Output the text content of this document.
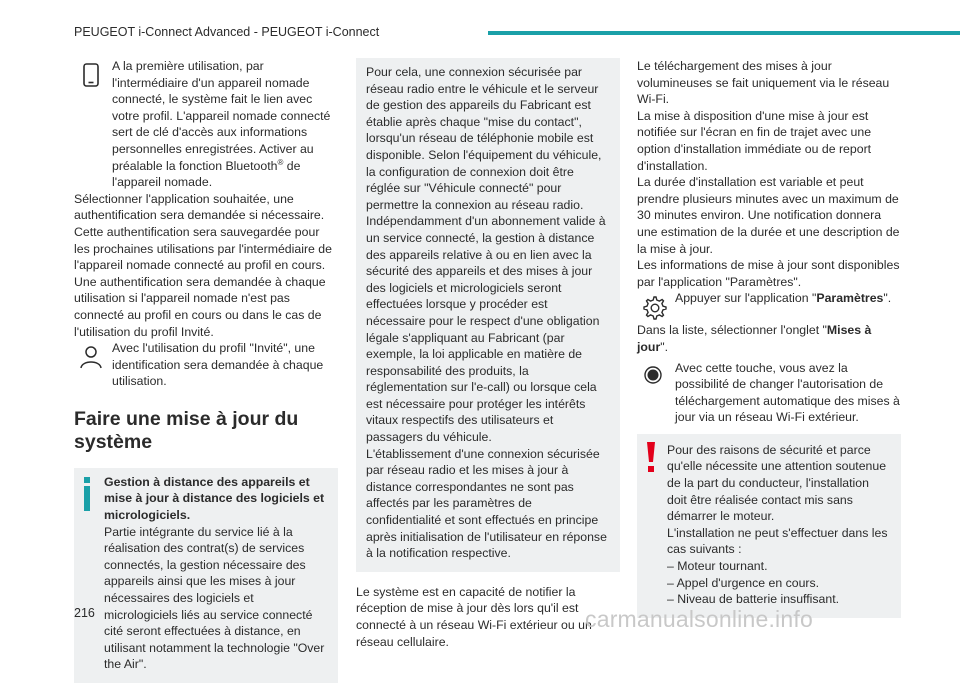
PEUGEOT i-Connect Advanced - PEUGEOT i-Connect

A la première utilisation, par l'intermédiaire d'un appareil nomade connecté, le système fait le lien avec votre profil. L'appareil nomade connecté sert de clé d'accès aux informations personnelles enregistrées. Activer au préalable la fonction Bluetooth® de l'appareil nomade.

Sélectionner l'application souhaitée, une authentification sera demandée si nécessaire. Cette authentification sera sauvegardée pour les prochaines utilisations par l'intermédiaire de l'appareil nomade connecté au profil en cours. Une authentification sera demandée à chaque utilisation si l'appareil nomade n'est pas connecté au profil en cours ou dans le cas de l'utilisation du profil Invité.

Avec l'utilisation du profil "Invité", une identification sera demandée à chaque utilisation.

Faire une mise à jour du système

Gestion à distance des appareils et mise à jour à distance des logiciels et micrologiciels.

Partie intégrante du service lié à la réalisation des contrat(s) de services connectés, la gestion nécessaire des appareils ainsi que les mises à jour nécessaires des logiciels et micrologiciels liés au service connecté cité seront effectuées à distance, en utilisant notamment la technologie "Over the Air".

Pour cela, une connexion sécurisée par réseau radio entre le véhicule et le serveur de gestion des appareils du Fabricant est établie après chaque "mise du contact", lorsqu'un réseau de téléphonie mobile est disponible. Selon l'équipement du véhicule, la configuration de connexion doit être réglée sur "Véhicule connecté" pour permettre la connexion au réseau radio.

Indépendamment d'un abonnement valide à un service connecté, la gestion à distance des appareils relative à ou en lien avec la sécurité des appareils et des mises à jour des logiciels et micrologiciels seront effectuées lorsque y procéder est nécessaire pour le respect d'une obligation légale s'appliquant au Fabricant (par exemple, la loi applicable en matière de responsabilité des produits, la réglementation sur l'e-call) ou lorsque cela est nécessaire pour protéger les intérêts vitaux respectifs des utilisateurs et passagers du véhicule.

L'établissement d'une connexion sécurisée par réseau radio et les mises à jour à distance correspondantes ne sont pas affectés par les paramètres de confidentialité et sont effectués en principe après initialisation de l'utilisateur en réponse à la notification respective.

Le système est en capacité de notifier la réception de mise à jour dès lors qu'il est connecté à un réseau Wi-Fi extérieur ou un réseau cellulaire.

Le téléchargement des mises à jour volumineuses se fait uniquement via le réseau Wi-Fi.

La mise à disposition d'une mise à jour est notifiée sur l'écran en fin de trajet avec une option d'installation immédiate ou de report d'installation.

La durée d'installation est variable et peut prendre plusieurs minutes avec un maximum de 30 minutes environ. Une notification donnera une estimation de la durée et une description de la mise à jour.

Les informations de mise à jour sont disponibles par l'application "Paramètres".

Appuyer sur l'application "Paramètres".

Dans la liste, sélectionner l'onglet "Mises à jour".

Avec cette touche, vous avez la possibilité de changer l'autorisation de téléchargement automatique des mises à jour via un réseau Wi-Fi extérieur.

Pour des raisons de sécurité et parce qu'elle nécessite une attention soutenue de la part du conducteur, l'installation doit être réalisée contact mis sans démarrer le moteur.

L'installation ne peut s'effectuer dans les cas suivants :

– Moteur tournant.

– Appel d'urgence en cours.

– Niveau de batterie insuffisant.

216	carmanualsonline.info
